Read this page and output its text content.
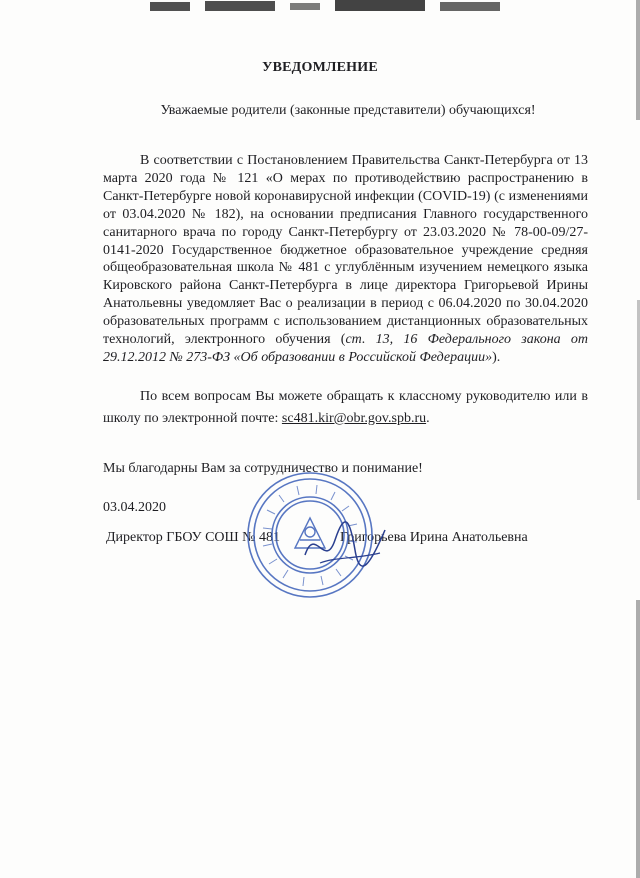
УВЕДОМЛЕНИЕ
Уважаемые родители (законные представители) обучающихся!

В соответствии с Постановлением Правительства Санкт-Петербурга от 13 марта 2020 года № 121 «О мерах по противодействию распространению в Санкт-Петербурге новой коронавирусной инфекции (COVID-19) (с изменениями от 03.04.2020 № 182), на основании предписания Главного государственного санитарного врача по городу Санкт-Петербургу от 23.03.2020 № 78-00-09/27-0141-2020 Государственное бюджетное образовательное учреждение средняя общеобразовательная школа № 481 с углублённым изучением немецкого языка Кировского района Санкт-Петербурга в лице директора Григорьевой Ирины Анатольевны уведомляет Вас о реализации в период с 06.04.2020 по 30.04.2020 образовательных программ с использованием дистанционных образовательных технологий, электронного обучения (ст. 13, 16 Федерального закона от 29.12.2012 № 273-ФЗ «Об образовании в Российской Федерации»).

По всем вопросам Вы можете обращать к классному руководителю или в школу по электронной почте: sc481.kir@obr.gov.spb.ru.

Мы благодарны Вам за сотрудничество и понимание!
03.04.2020
Директор ГБОУ СОШ № 481	Григорьева Ирина Анатольевна
